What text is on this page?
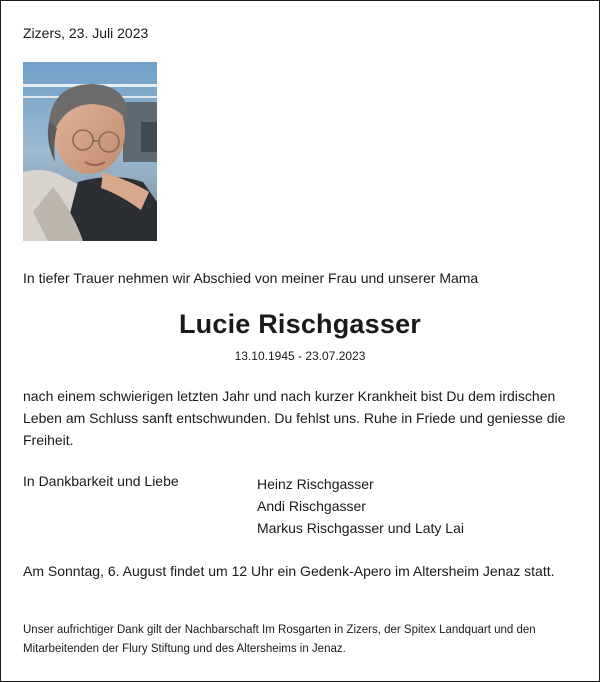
Zizers, 23. Juli 2023
In tiefer Trauer nehmen wir Abschied von meiner Frau und unserer Mama
Lucie Rischgasser
13.10.1945 - 23.07.2023
nach einem schwierigen letzten Jahr und nach kurzer Krankheit bist Du dem irdischen Leben am Schluss sanft entschwunden. Du fehlst uns. Ruhe in Friede und geniesse die Freiheit.
In Dankbarkeit und Liebe	Heinz Rischgasser
Andi Rischgasser
Markus Rischgasser und Laty Lai
Am Sonntag, 6. August findet um 12 Uhr ein Gedenk-Apero im Altersheim Jenaz statt.
Unser aufrichtiger Dank gilt der Nachbarschaft Im Rosgarten in Zizers, der Spitex Landquart und den Mitarbeitenden der Flury Stiftung und des Altersheims in Jenaz.
